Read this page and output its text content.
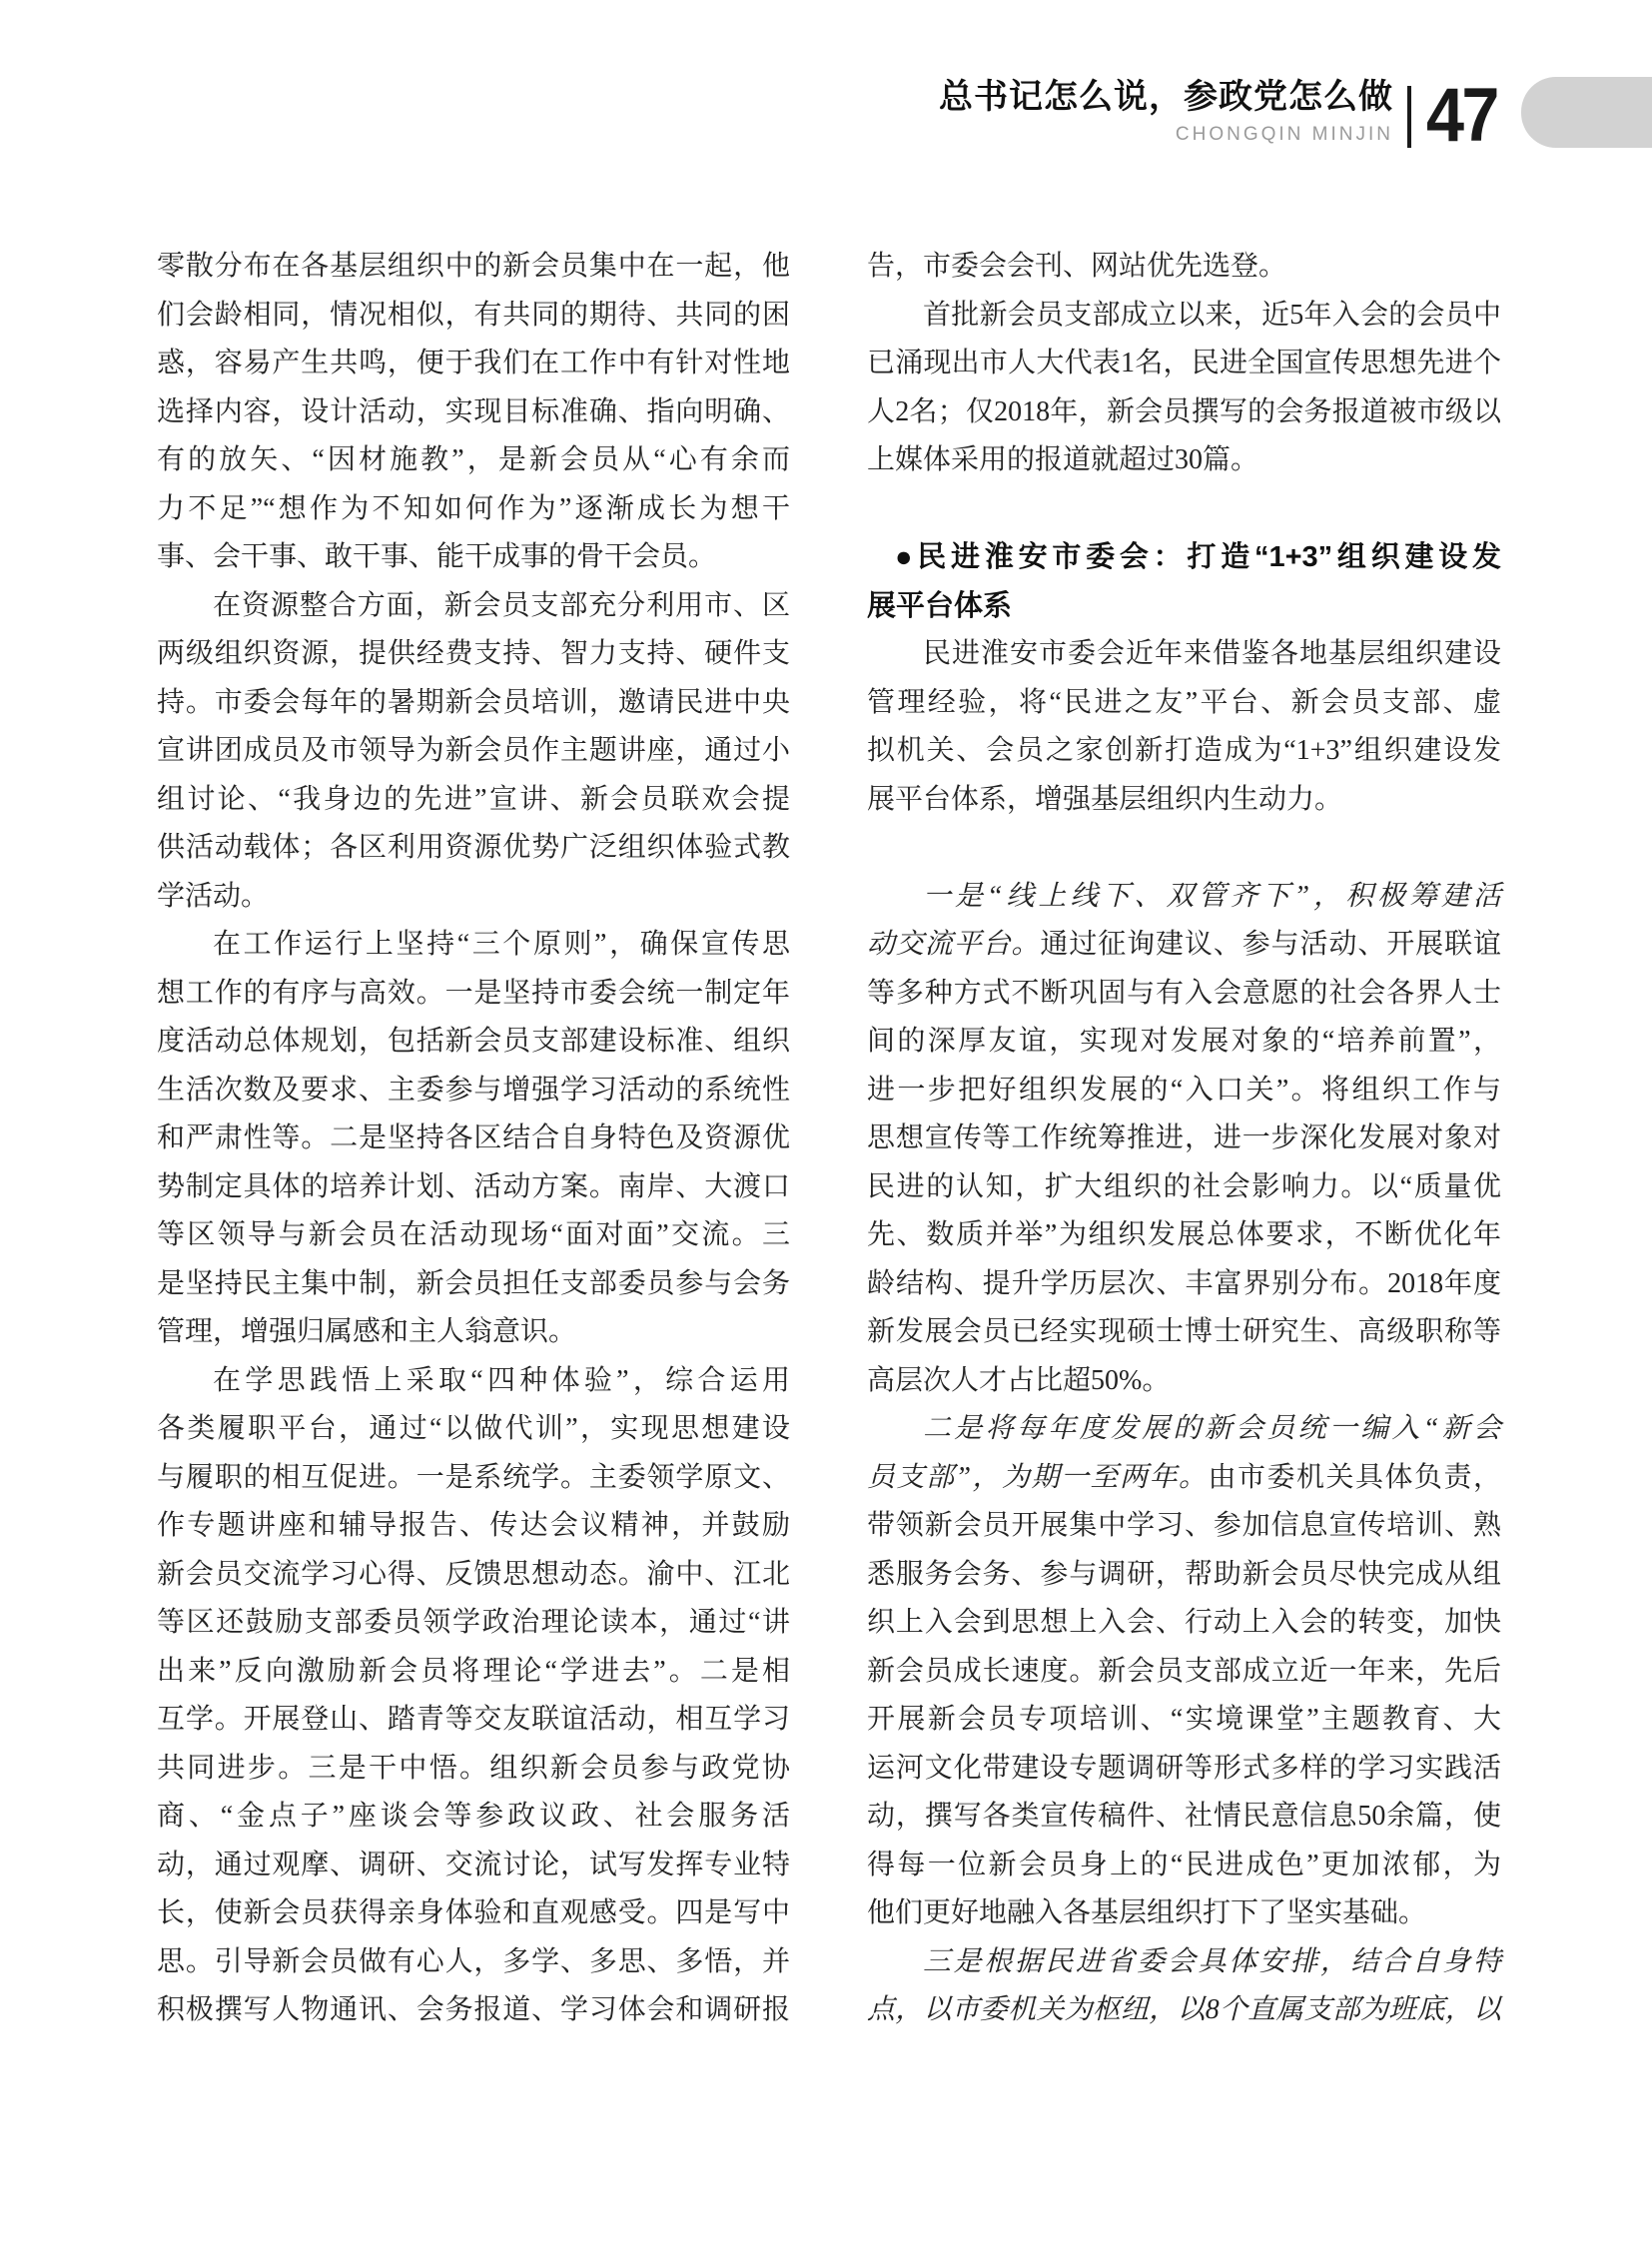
总书记怎么说，参政党怎么做
CHONGQIN MINJIN 47
零散分布在各基层组织中的新会员集中在一起，他
们会龄相同，情况相似，有共同的期待、共同的困
惑，容易产生共鸣，便于我们在工作中有针对性地
选择内容，设计活动，实现目标准确、指向明确、
有的放矢、“因材施教”，是新会员从“心有余而
力不足”“想作为不知如何作为”逐渐成长为想干
事、会干事、敢干事、能干成事的骨干会员。
在资源整合方面，新会员支部充分利用市、区
两级组织资源，提供经费支持、智力支持、硬件支
持。市委会每年的暑期新会员培训，邀请民进中央
宣讲团成员及市领导为新会员作主题讲座，通过小
组讨论、“我身边的先进”宣讲、新会员联欢会提
供活动载体；各区利用资源优势广泛组织体验式教
学活动。
在工作运行上坚持“三个原则”，确保宣传思
想工作的有序与高效。一是坚持市委会统一制定年
度活动总体规划，包括新会员支部建设标准、组织
生活次数及要求、主委参与增强学习活动的系统性
和严肃性等。二是坚持各区结合自身特色及资源优
势制定具体的培养计划、活动方案。南岸、大渡口
等区领导与新会员在活动现场“面对面”交流。三
是坚持民主集中制，新会员担任支部委员参与会务
管理，增强归属感和主人翁意识。
在学思践悟上采取“四种体验”，综合运用
各类履职平台，通过“以做代训”，实现思想建设
与履职的相互促进。一是系统学。主委领学原文、
作专题讲座和辅导报告、传达会议精神，并鼓励
新会员交流学习心得、反馈思想动态。渝中、江北
等区还鼓励支部委员领学政治理论读本，通过“讲
出来”反向激励新会员将理论“学进去”。二是相
互学。开展登山、踏青等交友联谊活动，相互学习
共同进步。三是干中悟。组织新会员参与政党协
商、“金点子”座谈会等参政议政、社会服务活
动，通过观摩、调研、交流讨论，试写发挥专业特
长，使新会员获得亲身体验和直观感受。四是写中
思。引导新会员做有心人，多学、多思、多悟，并
积极撰写人物通讯、会务报道、学习体会和调研报
告，市委会会刊、网站优先选登。
首批新会员支部成立以来，近5年入会的会员中
已涌现出市人大代表1名，民进全国宣传思想先进个
人2名；仅2018年，新会员撰写的会务报道被市级以
上媒体采用的报道就超过30篇。
●民进淮安市委会：打造“1+3”组织建设发
展平台体系
民进淮安市委会近年来借鉴各地基层组织建设
管理经验，将“民进之友”平台、新会员支部、虚
拟机关、会员之家创新打造成为“1+3”组织建设发
展平台体系，增强基层组织内生动力。
一是“线上线下、双管齐下”，积极筹建活
动交流平台。通过征询建议、参与活动、开展联谊
等多种方式不断巩固与有入会意愿的社会各界人士
间的深厚友谊，实现对发展对象的“培养前置”，
进一步把好组织发展的“入口关”。将组织工作与
思想宣传等工作统筹推进，进一步深化发展对象对
民进的认知，扩大组织的社会影响力。以“质量优
先、数质并举”为组织发展总体要求，不断优化年
龄结构、提升学历层次、丰富界别分布。2018年度
新发展会员已经实现硕士博士研究生、高级职称等
高层次人才占比超50%。
二是将每年度发展的新会员统一编入“新会
员支部”，为期一至两年。由市委机关具体负责，
带领新会员开展集中学习、参加信息宣传培训、熟
悉服务会务、参与调研，帮助新会员尽快完成从组
织上入会到思想上入会、行动上入会的转变，加快
新会员成长速度。新会员支部成立近一年来，先后
开展新会员专项培训、“实境课堂”主题教育、大
运河文化带建设专题调研等形式多样的学习实践活
动，撰写各类宣传稿件、社情民意信息50余篇，使
得每一位新会员身上的“民进成色”更加浓郁，为
他们更好地融入各基层组织打下了坚实基础。
三是根据民进省委会具体安排，结合自身特
点，以市委机关为枢纽，以8个直属支部为班底，以
